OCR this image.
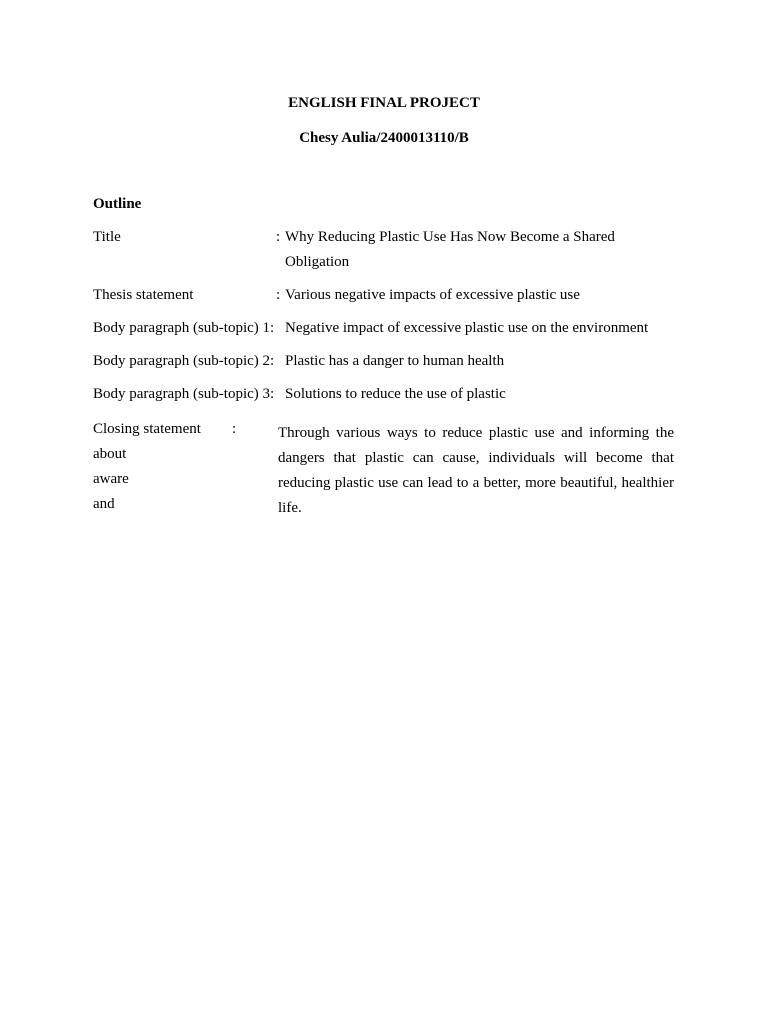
ENGLISH FINAL PROJECT
Chesy Aulia/2400013110/B
Outline
Title	: Why Reducing Plastic Use Has Now Become a Shared
Obligation
Thesis statement	: Various negative impacts of excessive plastic use
Body paragraph (sub-topic) 1: Negative impact of excessive plastic use on the environment
Body paragraph (sub-topic) 2: Plastic has a danger to human health
Body paragraph (sub-topic) 3: Solutions to reduce the use of plastic
Closing statement :
about
aware
and
Through various ways to reduce plastic use and informing the dangers that plastic can cause, individuals will become that reducing plastic use can lead to a better, more beautiful, healthier life.
